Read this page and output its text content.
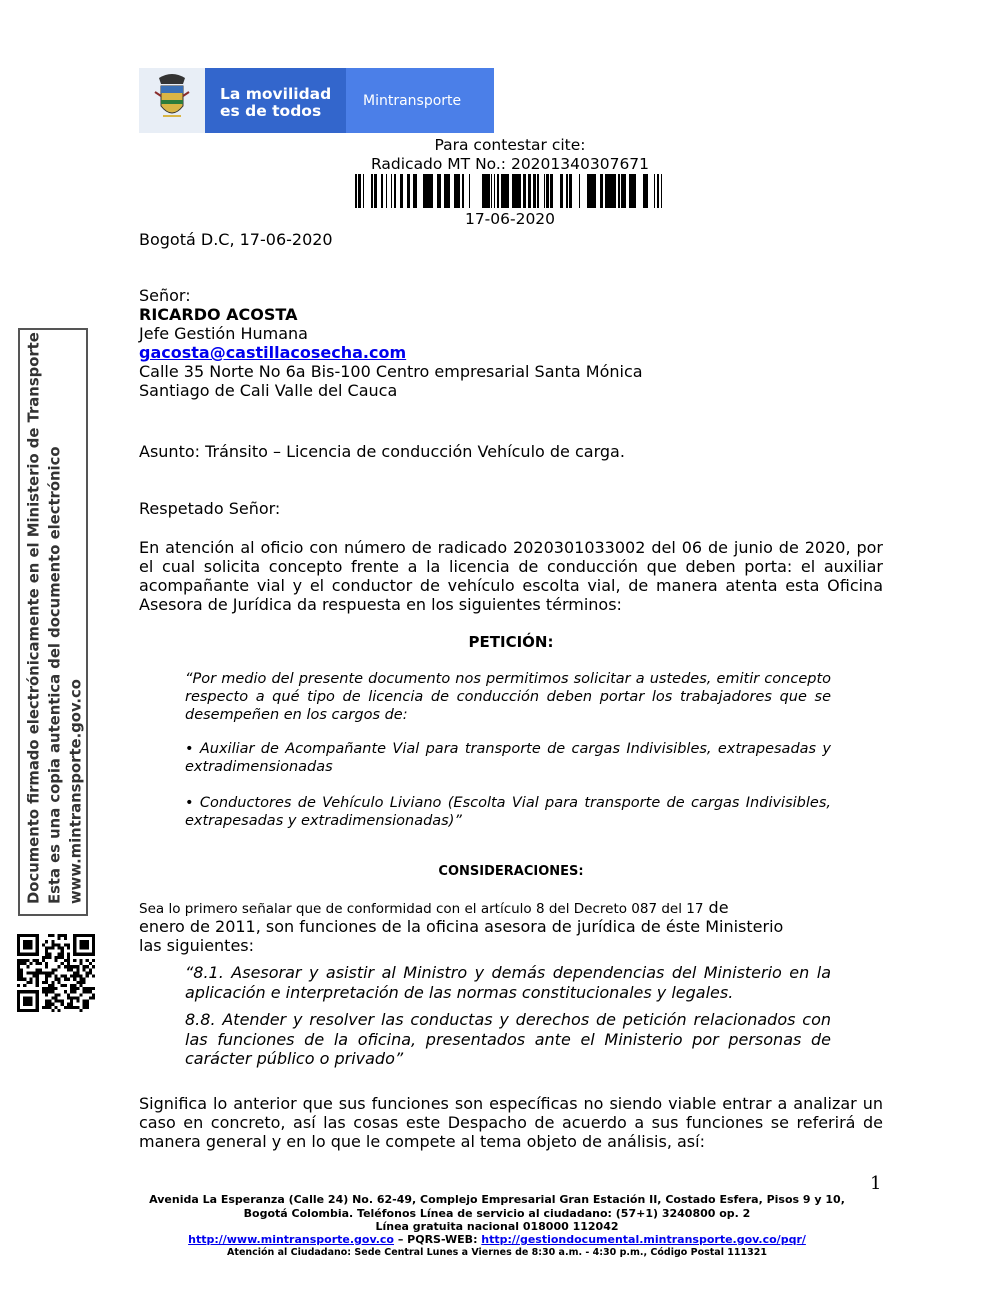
La movilidad
es de todos
Mintransporte
Para contestar cite:
Radicado MT No.: 20201340307671
17-06-2020
Bogotá D.C, 17-06-2020
Señor:
RICARDO ACOSTA
Jefe Gestión Humana
gacosta@castillacosecha.com
Calle 35 Norte No 6a Bis-100 Centro empresarial Santa Mónica
Santiago de Cali Valle del Cauca
Asunto: Tránsito – Licencia de conducción Vehículo de carga.
Respetado Señor:
En atención al oficio con número de radicado 2020301033002 del 06 de junio de 2020, por el cual solicita concepto frente a la licencia de conducción que deben porta: el auxiliar acompañante vial y el conductor de vehículo escolta vial, de manera atenta esta Oficina Asesora de Jurídica da respuesta en los siguientes términos:
PETICIÓN:
“Por medio del presente documento nos permitimos solicitar a ustedes, emitir concepto respecto a qué tipo de licencia de conducción deben portar los trabajadores que se desempeñen en los cargos de:
• Auxiliar de Acompañante Vial para transporte de cargas Indivisibles, extrapesadas y extradimensionadas
• Conductores de Vehículo Liviano (Escolta Vial para transporte de cargas Indivisibles, extrapesadas y extradimensionadas)”
CONSIDERACIONES:
Sea lo primero señalar que de conformidad con el artículo 8 del Decreto 087 del 17 de
enero de 2011, son funciones de la oficina asesora de jurídica de éste Ministerio
las siguientes:
“8.1. Asesorar y asistir al Ministro y demás dependencias del Ministerio en la aplicación e interpretación de las normas constitucionales y legales.
8.8. Atender y resolver las conductas y derechos de petición relacionados con las funciones de la oficina, presentados ante el Ministerio por personas de carácter público o privado”
Significa lo anterior que sus funciones son específicas no siendo viable entrar a analizar un caso en concreto, así las cosas este Despacho de acuerdo a sus funciones se referirá de manera general y en lo que le compete al tema objeto de análisis, así:
Documento firmado electrónicamente en el Ministerio de Transporte Esta es una copia autentica del documento electrónico www.mintransporte.gov.co
1
Avenida La Esperanza (Calle 24) No. 62-49, Complejo Empresarial Gran Estación II, Costado Esfera, Pisos 9 y 10, Bogotá Colombia. Teléfonos Línea de servicio al ciudadano: (57+1) 3240800 op. 2
Línea gratuita nacional 018000 112042
http://www.mintransporte.gov.co – PQRS-WEB: http://gestiondocumental.mintransporte.gov.co/pqr/
Atención al Ciudadano: Sede Central Lunes a Viernes de 8:30 a.m. - 4:30 p.m., Código Postal 111321
